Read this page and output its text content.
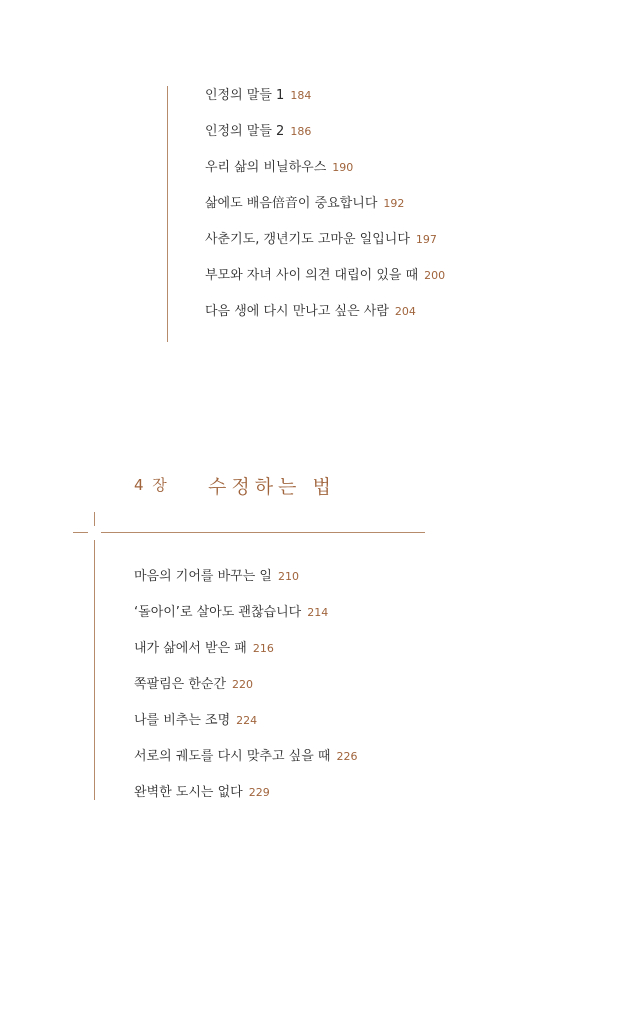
인정의 말들 1 184
인정의 말들 2 186
우리 삶의 비닐하우스 190
삶에도 배음倍音이 중요합니다 192
사춘기도, 갱년기도 고마운 일입니다 197
부모와 자녀 사이 의견 대립이 있을 때 200
다음 생에 다시 만나고 싶은 사람 204
4 장 수정하는 법
마음의 기어를 바꾸는 일 210
‘돌아이’로 살아도 괜찮습니다 214
내가 삶에서 받은 패 216
쪽팔림은 한순간 220
나를 비추는 조명 224
서로의 궤도를 다시 맞추고 싶을 때 226
완벽한 도시는 없다 229
